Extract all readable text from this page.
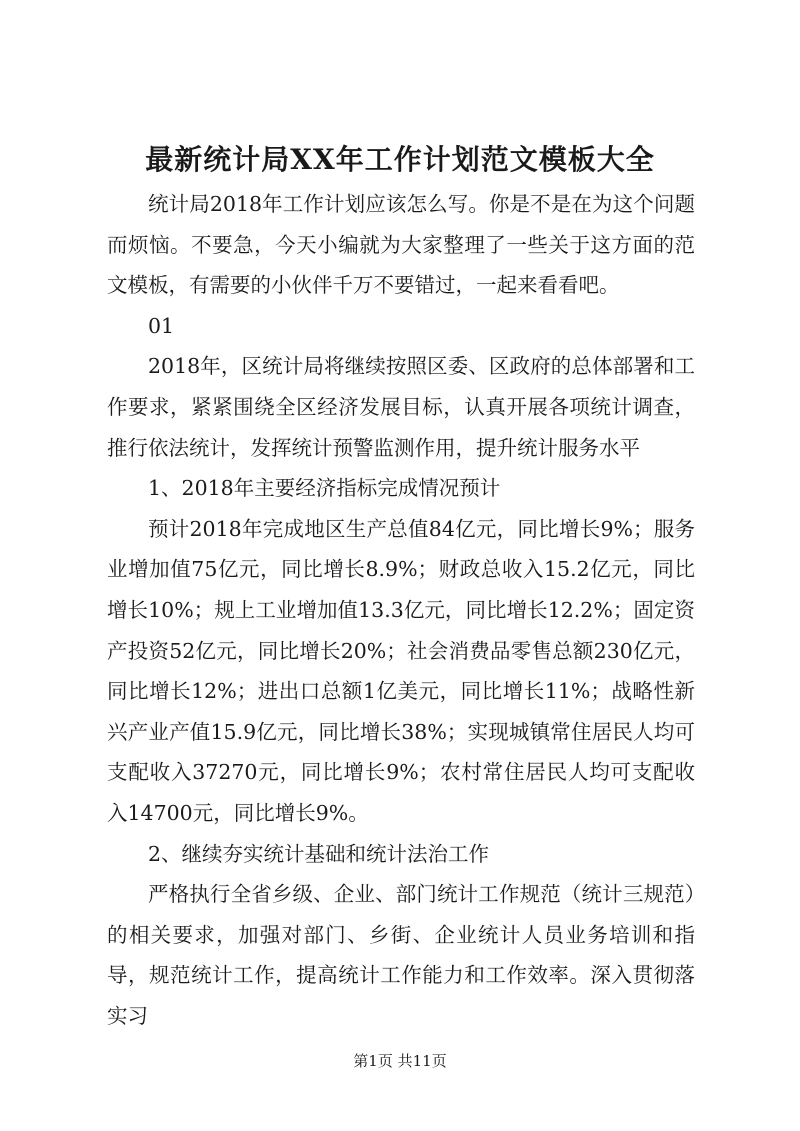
最新统计局XX年工作计划范文模板大全

统计局2018年工作计划应该怎么写。你是不是在为这个问题而烦恼。不要急，今天小编就为大家整理了一些关于这方面的范文模板，有需要的小伙伴千万不要错过，一起来看看吧。

01

2018年，区统计局将继续按照区委、区政府的总体部署和工作要求，紧紧围绕全区经济发展目标，认真开展各项统计调查，推行依法统计，发挥统计预警监测作用，提升统计服务水平

1、2018年主要经济指标完成情况预计

预计2018年完成地区生产总值84亿元，同比增长9%；服务业增加值75亿元，同比增长8.9%；财政总收入15.2亿元，同比增长10%；规上工业增加值13.3亿元，同比增长12.2%；固定资产投资52亿元，同比增长20%；社会消费品零售总额230亿元，同比增长12%；进出口总额1亿美元，同比增长11%；战略性新兴产业产值15.9亿元，同比增长38%；实现城镇常住居民人均可支配收入37270元，同比增长9%；农村常住居民人均可支配收入14700元，同比增长9%。

2、继续夯实统计基础和统计法治工作

严格执行全省乡级、企业、部门统计工作规范（统计三规范）的相关要求，加强对部门、乡街、企业统计人员业务培训和指导，规范统计工作，提高统计工作能力和工作效率。深入贯彻落实习

第1页 共11页
